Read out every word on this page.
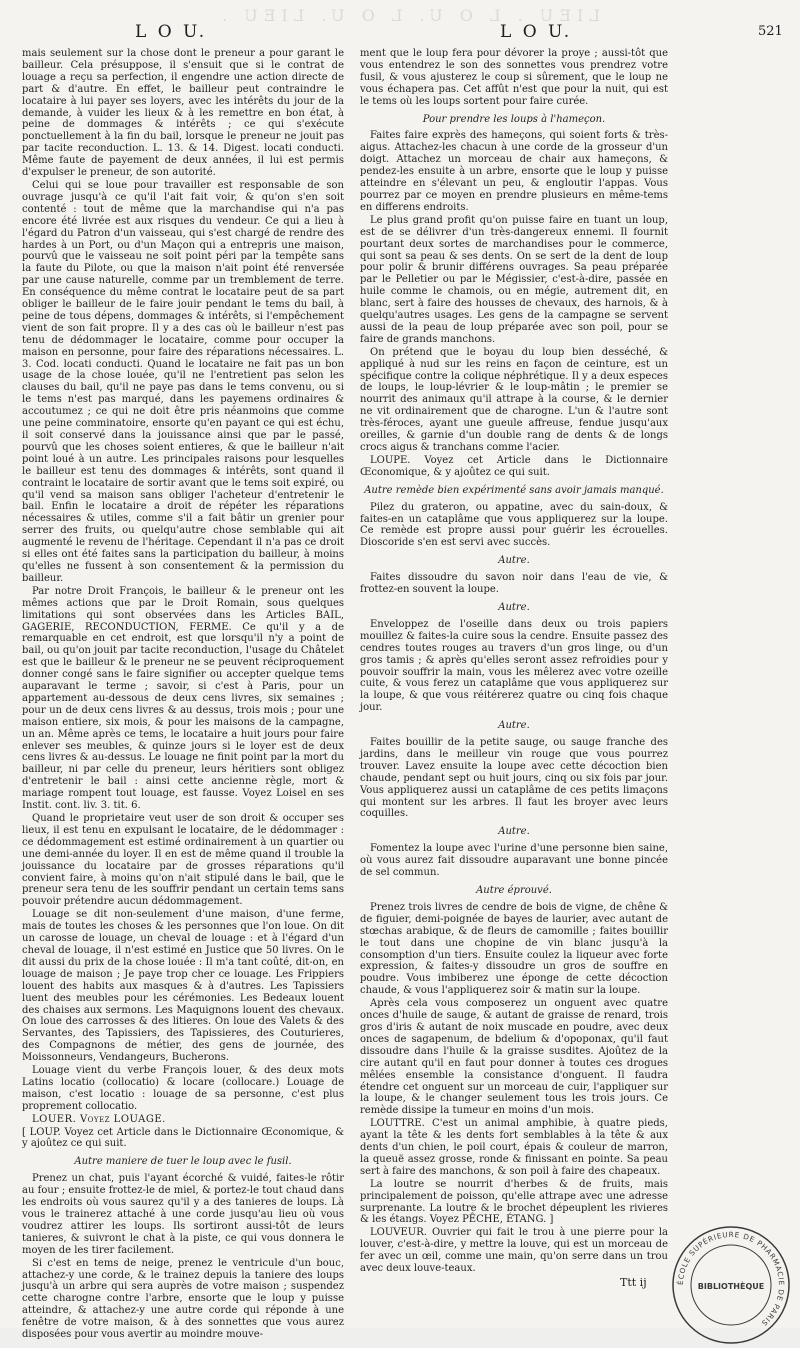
LIEU . L O U. L O U. LIEU .
L O U.	L O U.	521

mais seulement sur la chose dont le preneur a pour garant le bailleur. Cela présuppose, il s'ensuit que si le contrat de louage a reçu sa perfection, il engendre une action directe de part & d'autre. En effet, le bailleur peut contraindre le locataire à lui payer ses loyers, avec les intérêts du jour de la demande, à vuider les lieux & à les remettre en bon état, à peine de dommages & intérêts ; ce qui s'exécute ponctuellement à la fin du bail, lorsque le preneur ne jouit pas par tacite reconduction. L. 13. & 14. Digest. locati conducti. Même faute de payement de deux années, il lui est permis d'expulser le preneur, de son autorité.

Celui qui se loue pour travailler est responsable de son ouvrage jusqu'à ce qu'il l'ait fait voir, & qu'on s'en soit contenté : tout de même que la marchandise qui n'a pas encore été livrée est aux risques du vendeur. Ce qui a lieu à l'égard du Patron d'un vaisseau, qui s'est chargé de rendre des hardes à un Port, ou d'un Maçon qui a entrepris une maison, pourvû que le vaisseau ne soit point péri par la tempête sans la faute du Pilote, ou que la maison n'ait point été renversée par une cause naturelle, comme par un tremblement de terre. En conséquence du même contrat le locataire peut de sa part obliger le bailleur de le faire jouir pendant le tems du bail, à peine de tous dépens, dommages & intérêts, si l'empêchement vient de son fait propre. Il y a des cas où le bailleur n'est pas tenu de dédommager le locataire, comme pour occuper la maison en personne, pour faire des réparations nécessaires. L. 3. Cod. locati conducti. Quand le locataire ne fait pas un bon usage de la chose louée, qu'il ne l'entretient pas selon les clauses du bail, qu'il ne paye pas dans le tems convenu, ou si le tems n'est pas marqué, dans les payemens ordinaires & accoutumez ; ce qui ne doit être pris néanmoins que comme une peine comminatoire, ensorte qu'en payant ce qui est échu, il soit conservé dans la jouissance ainsi que par le passé, pourvû que les choses soient entieres, & que le bailleur n'ait point loué à un autre. Les principales raisons pour lesquelles le bailleur est tenu des dommages & intérêts, sont quand il contraint le locataire de sortir avant que le tems soit expiré, ou qu'il vend sa maison sans obliger l'acheteur d'entretenir le bail. Enfin le locataire a droit de répéter les réparations nécessaires & utiles, comme s'il a fait bâtir un grenier pour serrer des fruits, ou quelqu'autre chose semblable qui ait augmenté le revenu de l'héritage. Cependant il n'a pas ce droit si elles ont été faites sans la participation du bailleur, à moins qu'elles ne fussent à son consentement & la permission du bailleur.

Par notre Droit François, le bailleur & le preneur ont les mêmes actions que par le Droit Romain, sous quelques limitations qui sont observées dans les Articles BAIL, GAGERIE, RECONDUCTION, FERME. Ce qu'il y a de remarquable en cet endroit, est que lorsqu'il n'y a point de bail, ou qu'on jouit par tacite reconduction, l'usage du Châtelet est que le bailleur & le preneur ne se peuvent réciproquement donner congé sans le faire signifier ou accepter quelque tems auparavant le terme ; savoir, si c'est à Paris, pour un appartement au-dessous de deux cens livres, six semaines ; pour un de deux cens livres & au dessus, trois mois ; pour une maison entiere, six mois, & pour les maisons de la campagne, un an. Même après ce tems, le locataire a huit jours pour faire enlever ses meubles, & quinze jours si le loyer est de deux cens livres & au-dessus. Le louage ne finit point par la mort du bailleur, ni par celle du preneur, leurs héritiers sont obligez d'entretenir le bail : ainsi cette ancienne règle, mort & mariage rompent tout louage, est fausse. Voyez Loisel en ses Instit. cont. liv. 3. tit. 6.

Quand le proprietaire veut user de son droit & occuper ses lieux, il est tenu en expulsant le locataire, de le dédommager : ce dédommagement est estimé ordinairement à un quartier ou une demi-année du loyer. Il en est de même quand il trouble la jouissance du locataire par de grosses réparations qu'il convient faire, à moins qu'on n'ait stipulé dans le bail, que le preneur sera tenu de les souffrir pendant un certain tems sans pouvoir prétendre aucun dédommagement.

Louage se dit non-seulement d'une maison, d'une ferme, mais de toutes les choses & les personnes que l'on loue. On dit un carosse de louage, un cheval de louage : et à l'égard d'un cheval de louage, il n'est estimé en Justice que 50 livres. On le dit aussi du prix de la chose louée : Il m'a tant coûté, dit-on, en louage de maison ; Je paye trop cher ce louage. Les Frippiers louent des habits aux masques & à d'autres. Les Tapissiers luent des meubles pour les cérémonies. Les Bedeaux louent des chaises aux sermons. Les Maquignons louent des chevaux. On loue des carrosses & des litieres. On loue des Valets & des Servantes, des Tapissiers, des Tapissieres, des Couturieres, des Compagnons de métier, des gens de journée, des Moissonneurs, Vendangeurs, Bucherons.

Louage vient du verbe François louer, & des deux mots Latins locatio (collocatio) & locare (collocare.) Louage de maison, c'est locatio : louage de sa personne, c'est plus proprement collocatio.

LOUER. Voyez LOUAGE.

[ LOUP. Voyez cet Article dans le Dictionnaire Œconomique, & y ajoûtez ce qui suit.

Autre maniere de tuer le loup avec le fusil.

Prenez un chat, puis l'ayant écorché & vuidé, faites-le rôtir au four ; ensuite frottez-le de miel, & portez-le tout chaud dans les endroits où vous saurez qu'il y a des tanieres de loups. Là vous le trainerez attaché à une corde jusqu'au lieu où vous voudrez attirer les loups. Ils sortiront aussi-tôt de leurs tanieres, & suivront le chat à la piste, ce qui vous donnera le moyen de les tirer facilement.

Si c'est en tems de neige, prenez le ventricule d'un bouc, attachez-y une corde, & le trainez depuis la taniere des loups jusqu'à un arbre qui sera auprès de votre maison ; suspendez cette charogne contre l'arbre, ensorte que le loup y puisse atteindre, & attachez-y une autre corde qui réponde à une fenêtre de votre maison, & à des sonnettes que vous aurez disposées pour vous avertir au moindre mouve-

ment que le loup fera pour dévorer la proye ; aussi-tôt que vous entendrez le son des sonnettes vous prendrez votre fusil, & vous ajusterez le coup si sûrement, que le loup ne vous échapera pas. Cet affût n'est que pour la nuit, qui est le tems où les loups sortent pour faire curée.

Pour prendre les loups à l'hameçon.

Faites faire exprès des hameçons, qui soient forts & très-aigus. Attachez-les chacun à une corde de la grosseur d'un doigt. Attachez un morceau de chair aux hameçons, & pendez-les ensuite à un arbre, ensorte que le loup y puisse atteindre en s'élevant un peu, & engloutir l'appas. Vous pourrez par ce moyen en prendre plusieurs en même-tems en differens endroits.

Le plus grand profit qu'on puisse faire en tuant un loup, est de se délivrer d'un très-dangereux ennemi. Il fournit pourtant deux sortes de marchandises pour le commerce, qui sont sa peau & ses dents. On se sert de la dent de loup pour polir & brunir différens ouvrages. Sa peau préparée par le Pelletier ou par le Mégissier, c'est-à-dire, passée en huile comme le chamois, ou en mégie, autrement dit, en blanc, sert à faire des housses de chevaux, des harnois, & à quelqu'autres usages. Les gens de la campagne se servent aussi de la peau de loup préparée avec son poil, pour se faire de grands manchons.

On prétend que le boyau du loup bien desséché, & appliqué à nud sur les reins en façon de ceinture, est un spécifique contre la colique néphrétique. Il y a deux especes de loups, le loup-lévrier & le loup-mâtin ; le premier se nourrit des animaux qu'il attrape à la course, & le dernier ne vit ordinairement que de charogne. L'un & l'autre sont très-féroces, ayant une gueule affreuse, fendue jusqu'aux oreilles, & garnie d'un double rang de dents & de longs crocs aigus & tranchans comme l'acier.

LOUPE. Voyez cet Article dans le Dictionnaire Œconomique, & y ajoûtez ce qui suit.

Autre remède bien expérimenté sans avoir jamais manqué.

Pilez du grateron, ou appatine, avec du sain-doux, & faites-en un cataplâme que vous appliquerez sur la loupe. Ce remède est propre aussi pour guérir les écrouelles. Dioscoride s'en est servi avec succès.

Autre.

Faites dissoudre du savon noir dans l'eau de vie, & frottez-en souvent la loupe.

Autre.

Enveloppez de l'oseille dans deux ou trois papiers mouillez & faites-la cuire sous la cendre. Ensuite passez des cendres toutes rouges au travers d'un gros linge, ou d'un gros tamis ; & après qu'elles seront assez refroidies pour y pouvoir souffrir la main, vous les mêlerez avec votre ozeille cuite, & vous ferez un cataplâme que vous appliquerez sur la loupe, & que vous réitérerez quatre ou cinq fois chaque jour.

Autre.

Faites bouillir de la petite sauge, ou sauge franche des jardins, dans le meilleur vin rouge que vous pourrez trouver. Lavez ensuite la loupe avec cette décoction bien chaude, pendant sept ou huit jours, cinq ou six fois par jour. Vous appliquerez aussi un cataplâme de ces petits limaçons qui montent sur les arbres. Il faut les broyer avec leurs coquilles.

Autre.

Fomentez la loupe avec l'urine d'une personne bien saine, où vous aurez fait dissoudre auparavant une bonne pincée de sel commun.

Autre éprouvé.

Prenez trois livres de cendre de bois de vigne, de chêne & de figuier, demi-poignée de bayes de laurier, avec autant de stœchas arabique, & de fleurs de camomille ; faites bouillir le tout dans une chopine de vin blanc jusqu'à la consomption d'un tiers. Ensuite coulez la liqueur avec forte expression, & faites-y dissoudre un gros de souffre en poudre. Vous imbiberez une éponge de cette décoction chaude, & vous l'appliquerez soir & matin sur la loupe.

Après cela vous composerez un onguent avec quatre onces d'huile de sauge, & autant de graisse de renard, trois gros d'iris & autant de noix muscade en poudre, avec deux onces de sagapenum, de bdelium & d'opoponax, qu'il faut dissoudre dans l'huile & la graisse susdites. Ajoûtez de la cire autant qu'il en faut pour donner à toutes ces drogues mêlées ensemble la consistance d'onguent. Il faudra étendre cet onguent sur un morceau de cuir, l'appliquer sur la loupe, & le changer seulement tous les trois jours. Ce remède dissipe la tumeur en moins d'un mois.

LOUTTRE. C'est un animal amphibie, à quatre pieds, ayant la tête & les dents fort semblables à la tête & aux dents d'un chien, le poil court, épais & couleur de marron, la queuë assez grosse, ronde & finissant en pointe. Sa peau sert à faire des manchons, & son poil à faire des chapeaux.

La loutre se nourrit d'herbes & de fruits, mais principalement de poisson, qu'elle attrape avec une adresse surprenante. La loutre & le brochet dépeuplent les rivieres & les étangs. Voyez PÊCHE, ÉTANG. ]

LOUVEUR. Ouvrier qui fait le trou à une pierre pour la louver, c'est-à-dire, y mettre la louve, qui est un morceau de fer avec un œil, comme une main, qu'on serre dans un trou avec deux louve-teaux.

Ttt ij	ÉCOLE SUPÉRIEURE DE PHARMACIE DE PARIS
BIBLIOTHÈQUE
